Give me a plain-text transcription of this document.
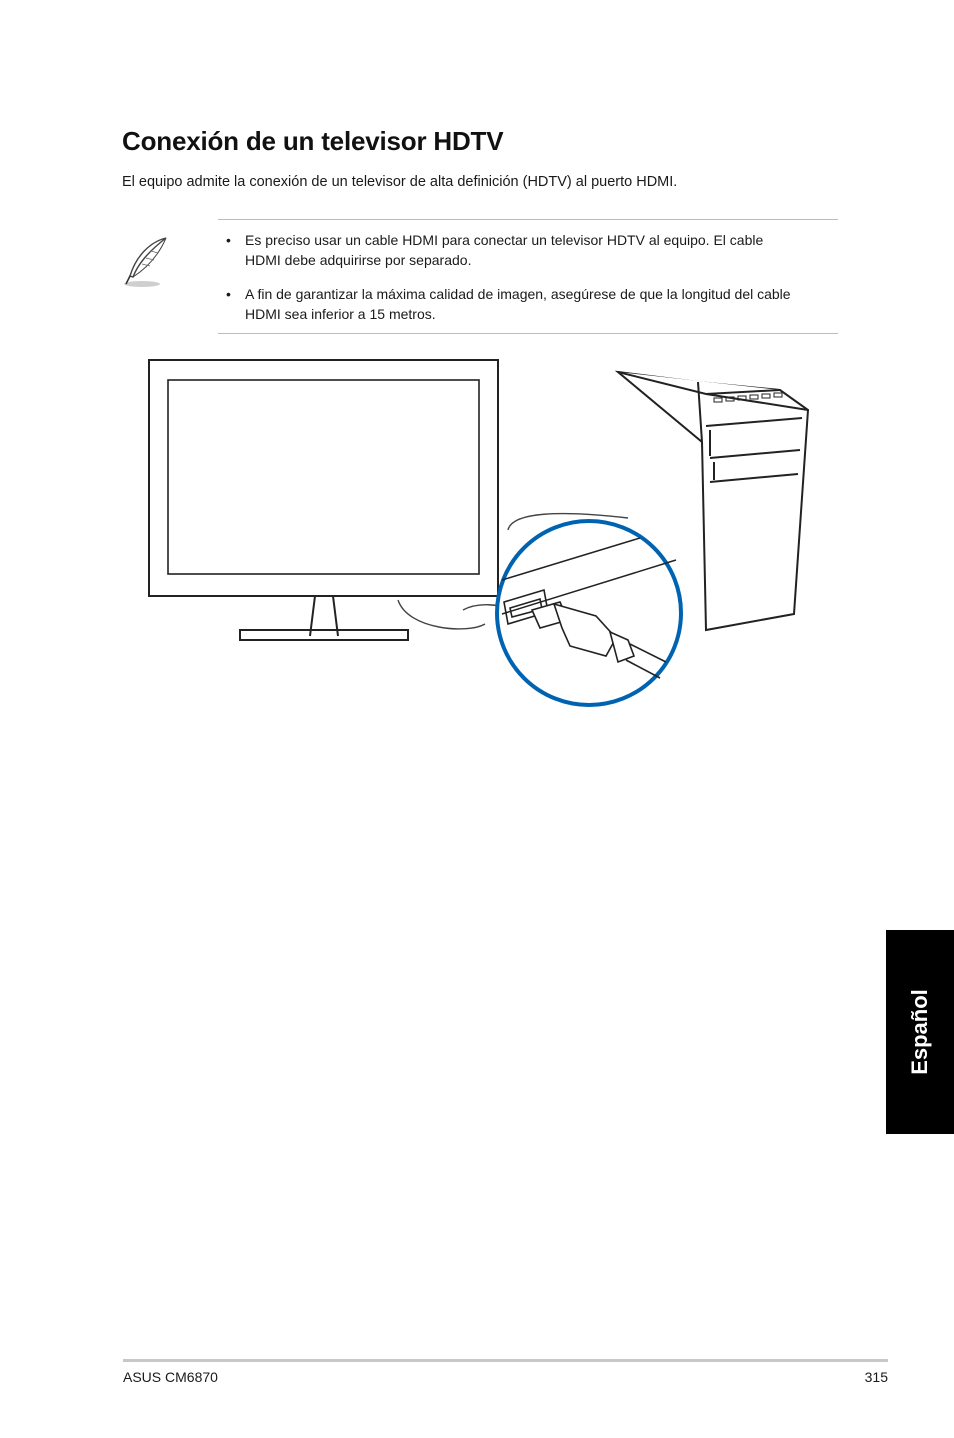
Conexión de un televisor HDTV

El equipo admite la conexión de un televisor de alta definición (HDTV) al puerto HDMI.

• Es preciso usar un cable HDMI para conectar un televisor HDTV al equipo. El cable
HDMI debe adquirirse por separado.
• A fin de garantizar la máxima calidad de imagen, asegúrese de que la longitud del cable
HDMI sea inferior a 15 metros.
Español
ASUS CM6870	315
